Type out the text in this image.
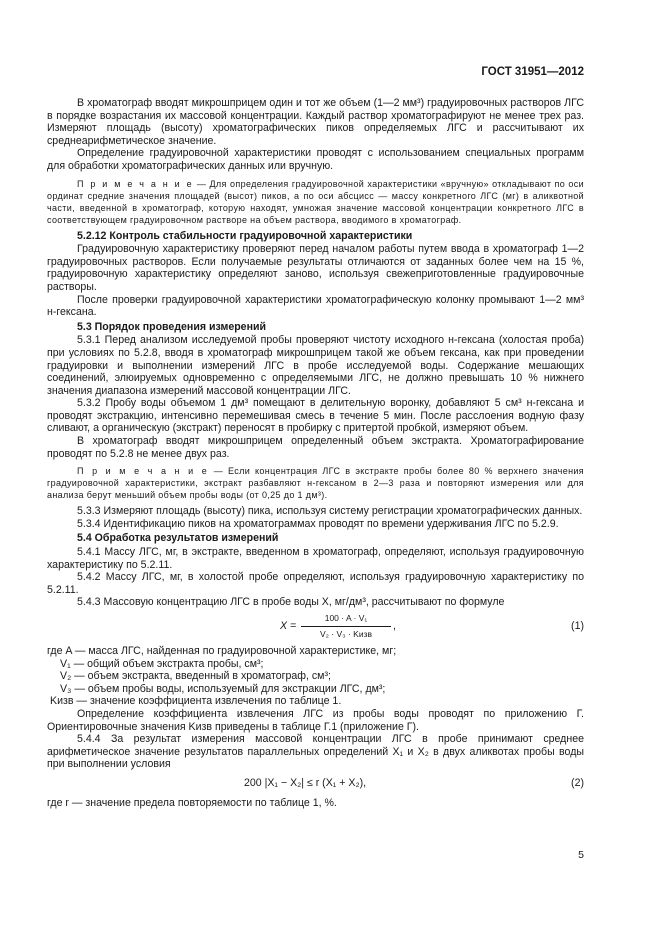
ГОСТ 31951—2012

В хроматограф вводят микрошприцем один и тот же объем (1—2 мм³) градуировочных растворов ЛГС в порядке возрастания их массовой концентрации. Каждый раствор хроматографируют не менее трех раз. Измеряют площадь (высоту) хроматографических пиков определяемых ЛГС и рассчитывают их среднеарифметическое значение.

Определение градуировочной характеристики проводят с использованием специальных программ для обработки хроматографических данных или вручную.

П р и м е ч а н и е — Для определения градуировочной характеристики «вручную» откладывают по оси ординат средние значения площадей (высот) пиков, а по оси абсцисс — массу конкретного ЛГС (мг) в аликвотной части, введенной в хроматограф, которую находят, умножая значение массовой концентрации конкретного ЛГС в соответствующем градуировочном растворе на объем раствора, вводимого в хроматограф.

5.2.12 Контроль стабильности градуировочной характеристики

Градуировочную характеристику проверяют перед началом работы путем ввода в хроматограф 1—2 градуировочных растворов. Если получаемые результаты отличаются от заданных более чем на 15 %, градуировочную характеристику определяют заново, используя свежеприготовленные градуировочные растворы.

После проверки градуировочной характеристики хроматографическую колонку промывают 1—2 мм³ н-гексана.

5.3 Порядок проведения измерений

5.3.1 Перед анализом исследуемой пробы проверяют чистоту исходного н-гексана (холостая проба) при условиях по 5.2.8, вводя в хроматограф микрошприцем такой же объем гексана, как при проведении градуировки и выполнении измерений ЛГС в пробе исследуемой воды. Содержание мешающих соединений, элюируемых одновременно с определяемыми ЛГС, не должно превышать 10 % нижнего значения диапазона измерений массовой концентрации ЛГС.

5.3.2 Пробу воды объемом 1 дм³ помещают в делительную воронку, добавляют 5 см³ н-гексана и проводят экстракцию, интенсивно перемешивая смесь в течение 5 мин. После расслоения водную фазу сливают, а органическую (экстракт) переносят в пробирку с притертой пробкой, измеряют объем.

В хроматограф вводят микрошприцем определенный объем экстракта. Хроматографирование проводят по 5.2.8 не менее двух раз.

П р и м е ч а н и е — Если концентрация ЛГС в экстракте пробы более 80 % верхнего значения градуировочной характеристики, экстракт разбавляют н-гексаном в 2—3 раза и повторяют измерения или для анализа берут меньший объем пробы воды (от 0,25 до 1 дм³).

5.3.3 Измеряют площадь (высоту) пика, используя систему регистрации хроматографических данных.

5.3.4 Идентификацию пиков на хроматограммах проводят по времени удерживания ЛГС по 5.2.9.

5.4 Обработка результатов измерений

5.4.1 Массу ЛГС, мг, в экстракте, введенном в хроматограф, определяют, используя градуировочную характеристику по 5.2.11.

5.4.2 Массу ЛГС, мг, в холостой пробе определяют, используя градуировочную характеристику по 5.2.11.

5.4.3 Массовую концентрацию ЛГС в пробе воды X, мг/дм³, рассчитывают по формуле

X =
100 · A · V₁
V₂ · V₃ · Kизв
,	(1)

где A — масса ЛГС, найденная по градуировочной характеристике, мг;

V₁ — общий объем экстракта пробы, см³;

V₂ — объем экстракта, введенный в хроматограф, см³;

V₃ — объем пробы воды, используемый для экстракции ЛГС, дм³;

Kизв — значение коэффициента извлечения по таблице 1.

Определение коэффициента извлечения ЛГС из пробы воды проводят по приложению Г. Ориентировочные значения Kизв приведены в таблице Г.1 (приложение Г).

5.4.4 За результат измерения массовой концентрации ЛГС в пробе принимают среднее арифметическое значение результатов параллельных определений X₁ и X₂ в двух аликвотах пробы воды при выполнении условия

200 |X₁ − X₂| ≤ r (X₁ + X₂),	(2)

где r — значение предела повторяемости по таблице 1, %.

5
